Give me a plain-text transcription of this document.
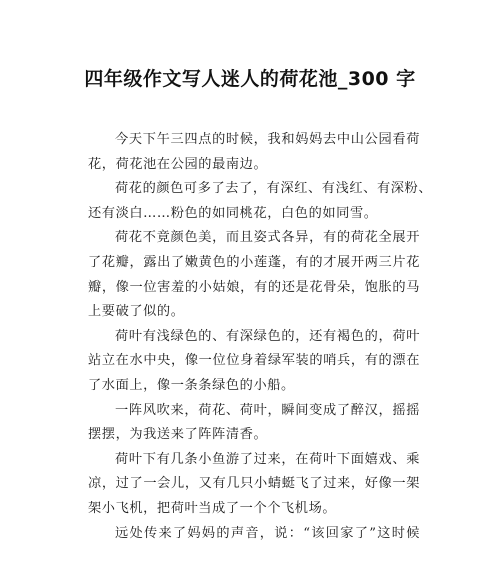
四年级作文写人迷人的荷花池_300 字
今天下午三四点的时候，我和妈妈去中山公园看荷
花，荷花池在公园的最南边。
荷花的颜色可多了去了，有深红、有浅红、有深粉、
还有淡白……粉色的如同桃花，白色的如同雪。
荷花不竟颜色美，而且姿式各异，有的荷花全展开
了花瓣，露出了嫩黄色的小莲蓬，有的才展开两三片花
瓣，像一位害羞的小姑娘，有的还是花骨朵，饱胀的马
上要破了似的。
荷叶有浅绿色的、有深绿色的，还有褐色的，荷叶
站立在水中央，像一位位身着绿军装的哨兵，有的漂在
了水面上，像一条条绿色的小船。
一阵风吹来，荷花、荷叶，瞬间变成了醉汉，摇摇
摆摆，为我送来了阵阵清香。
荷叶下有几条小鱼游了过来，在荷叶下面嬉戏、乘
凉，过了一会儿，又有几只小蜻蜓飞了过来，好像一架
架小飞机，把荷叶当成了一个个飞机场。
远处传来了妈妈的声音，说：“该回家了”这时候
